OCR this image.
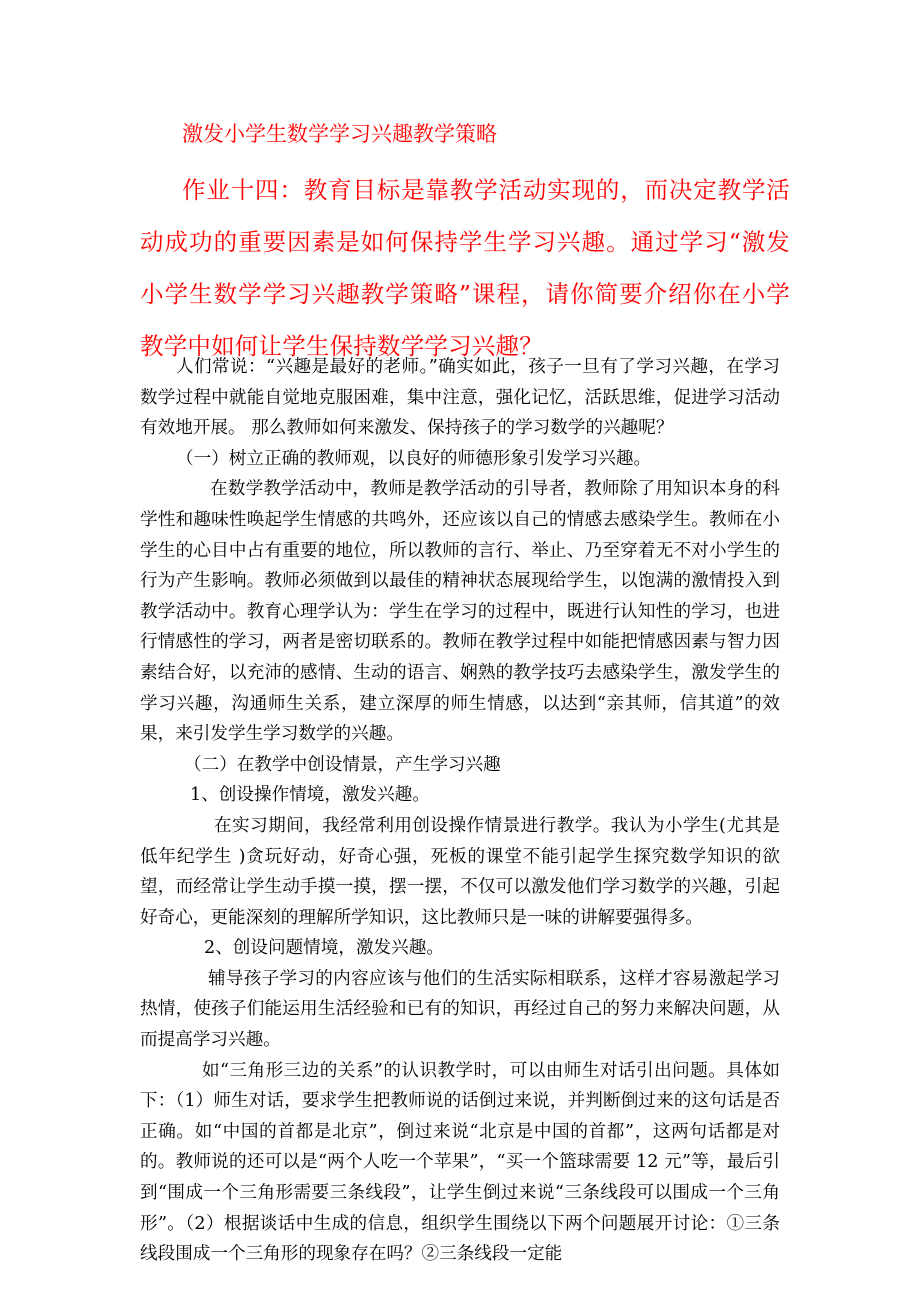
激发小学生数学学习兴趣教学策略
作业十四：教育目标是靠教学活动实现的，而决定教学活动成功的重要因素是如何保持学生学习兴趣。通过学习“激发小学生数学学习兴趣教学策略”课程，请你简要介绍你在小学教学中如何让学生保持数学学习兴趣？

人们常说：“兴趣是最好的老师。”确实如此，孩子一旦有了学习兴趣，在学习数学过程中就能自觉地克服困难，集中注意，强化记忆，活跃思维，促进学习活动有效地开展。 那么教师如何来激发、保持孩子的学习数学的兴趣呢？

（一）树立正确的教师观，以良好的师德形象引发学习兴趣。

在数学教学活动中，教师是教学活动的引导者，教师除了用知识本身的科学性和趣味性唤起学生情感的共鸣外，还应该以自己的情感去感染学生。教师在小学生的心目中占有重要的地位，所以教师的言行、举止、乃至穿着无不对小学生的行为产生影响。教师必须做到以最佳的精神状态展现给学生，以饱满的激情投入到教学活动中。教育心理学认为：学生在学习的过程中，既进行认知性的学习，也进行情感性的学习，两者是密切联系的。教师在教学过程中如能把情感因素与智力因素结合好，以充沛的感情、生动的语言、娴熟的教学技巧去感染学生，激发学生的学习兴趣，沟通师生关系，建立深厚的师生情感，以达到“亲其师，信其道”的效果，来引发学生学习数学的兴趣。

（二）在教学中创设情景，产生学习兴趣

1、创设操作情境，激发兴趣。

在实习期间，我经常利用创设操作情景进行教学。我认为小学生(尤其是低年纪学生 )贪玩好动，好奇心强，死板的课堂不能引起学生探究数学知识的欲望，而经常让学生动手摸一摸，摆一摆，不仅可以激发他们学习数学的兴趣，引起好奇心，更能深刻的理解所学知识，这比教师只是一味的讲解要强得多。

2、创设问题情境，激发兴趣。

辅导孩子学习的内容应该与他们的生活实际相联系，这样才容易激起学习热情，使孩子们能运用生活经验和已有的知识，再经过自己的努力来解决问题，从而提高学习兴趣。

如“三角形三边的关系”的认识教学时，可以由师生对话引出问题。具体如下：（1）师生对话，要求学生把教师说的话倒过来说，并判断倒过来的这句话是否正确。如“中国的首都是北京”，倒过来说“北京是中国的首都”，这两句话都是对的。教师说的还可以是“两个人吃一个苹果”，“买一个篮球需要 12 元”等，最后引到“围成一个三角形需要三条线段”，让学生倒过来说“三条线段可以围成一个三角形”。（2）根据谈话中生成的信息，组织学生围绕以下两个问题展开讨论：①三条线段围成一个三角形的现象存在吗？②三条线段一定能
